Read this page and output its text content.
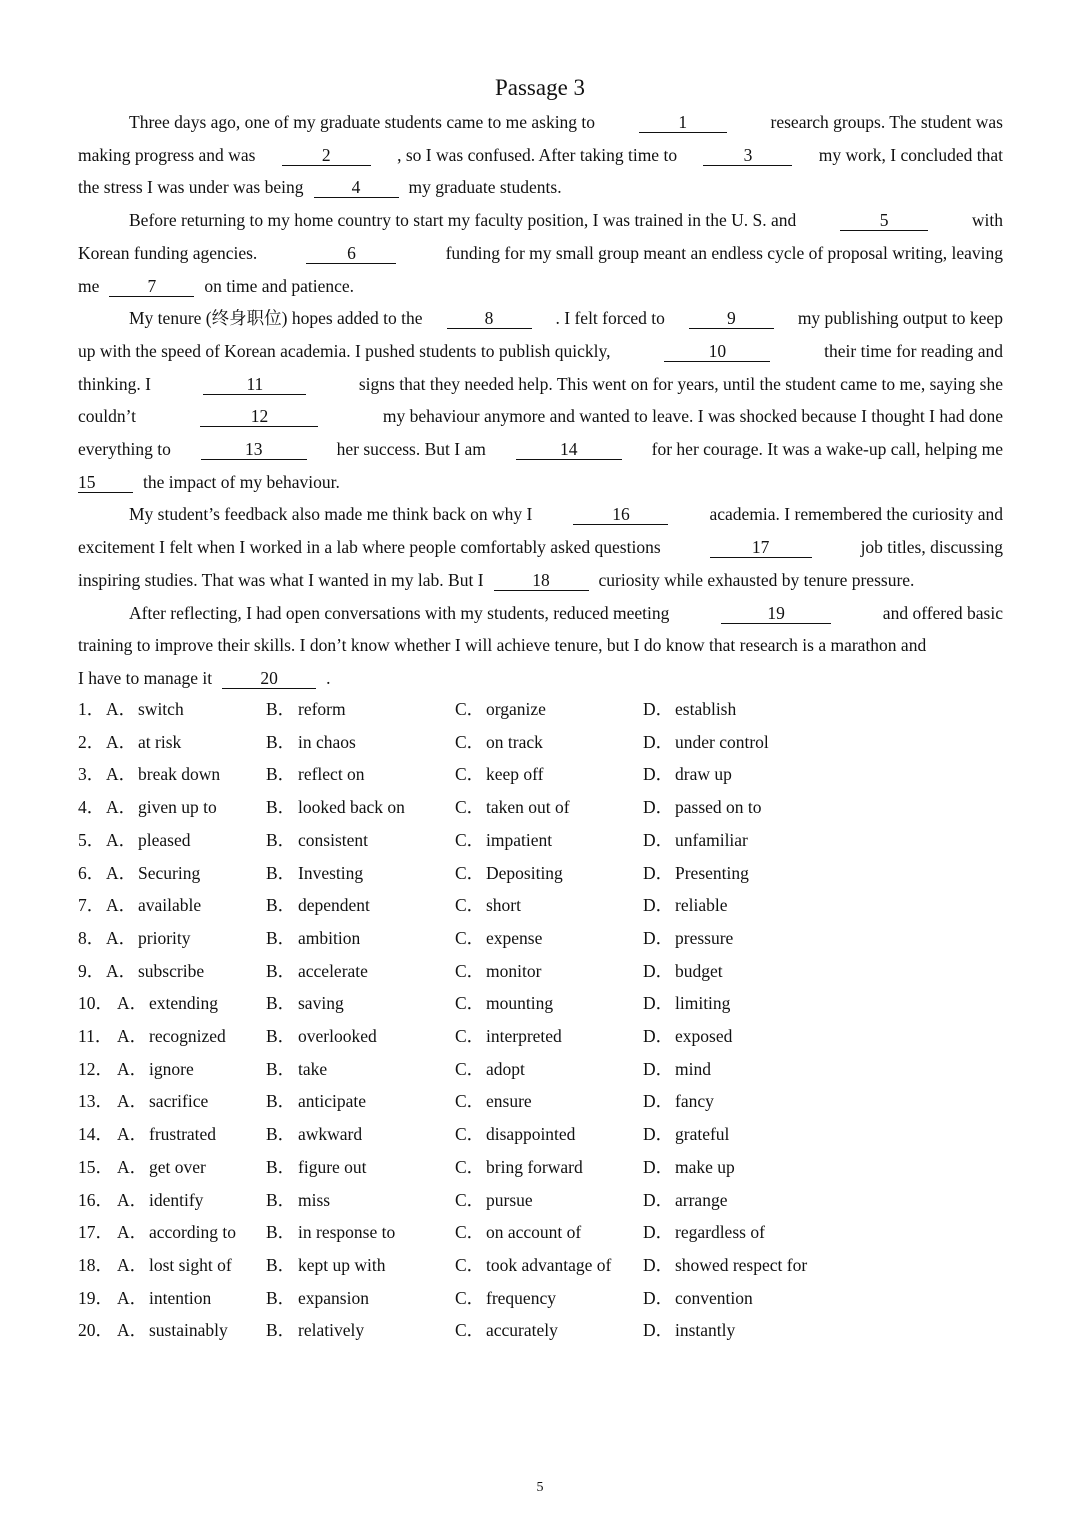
Passage 3
Three days ago, one of my graduate students came to me asking to	1	research groups. The student was
making progress and was	2	, so I was confused. After taking time to	3	my work, I concluded that
the stress I was under was being	4	my graduate students.
Before returning to my home country to start my faculty position, I was trained in the U. S. and	5	with
Korean funding agencies.	6	funding for my small group meant an endless cycle of proposal writing, leaving
me	7	on time and patience.
My tenure (终身职位) hopes added to the	8	. I felt forced to	9	my publishing output to keep
up with the speed of Korean academia. I pushed students to publish quickly,	10	their time for reading and
thinking. I	11	signs that they needed help. This went on for years, until the student came to me, saying she
couldn’t	12	my behaviour anymore and wanted to leave. I was shocked because I thought I had done
everything to	13	her success. But I am	14	for her courage. It was a wake-up call, helping me
15	the impact of my behaviour.
My student’s feedback also made me think back on why I	16	academia. I remembered the curiosity and
excitement I felt when I worked in a lab where people comfortably asked questions	17	job titles, discussing
inspiring studies. That was what I wanted in my lab. But I	18	curiosity while exhausted by tenure pressure.
After reflecting, I had open conversations with my students, reduced meeting	19	and offered basic
training to improve their skills. I don’t know whether I will achieve tenure, but I do know that research is a marathon and
I have to manage it	20	.
1． A． switch	B． reform	C． organize	D． establish
2． A． at risk	B． in chaos	C． on track	D． under control
3． A． break down	B． reflect on	C． keep off	D． draw up
4． A． given up to	B． looked back on	C． taken out of	D． passed on to
5． A． pleased	B． consistent	C． impatient	D． unfamiliar
6． A． Securing	B． Investing	C． Depositing	D． Presenting
7． A． available	B． dependent	C． short	D． reliable
8． A． priority	B． ambition	C． expense	D． pressure
9． A． subscribe	B． accelerate	C． monitor	D． budget
10． A． extending	B． saving	C． mounting	D． limiting
11． A． recognized B． overlooked	C． interpreted	D． exposed
12． A． ignore	B． take	C． adopt	D． mind
13． A． sacrifice	B． anticipate	C． ensure	D． fancy
14． A． frustrated	B． awkward	C． disappointed	D． grateful
15． A． get over	B． figure out	C． bring forward	D． make up
16． A． identify	B． miss	C． pursue	D． arrange
17． A． according to B． in response to	C． on account of	D． regardless of
18． A． lost sight of B． kept up with	C． took advantage of D． showed respect for
19． A． intention	B． expansion	C． frequency	D． convention
20． A． sustainably B． relatively	C． accurately	D． instantly
5
